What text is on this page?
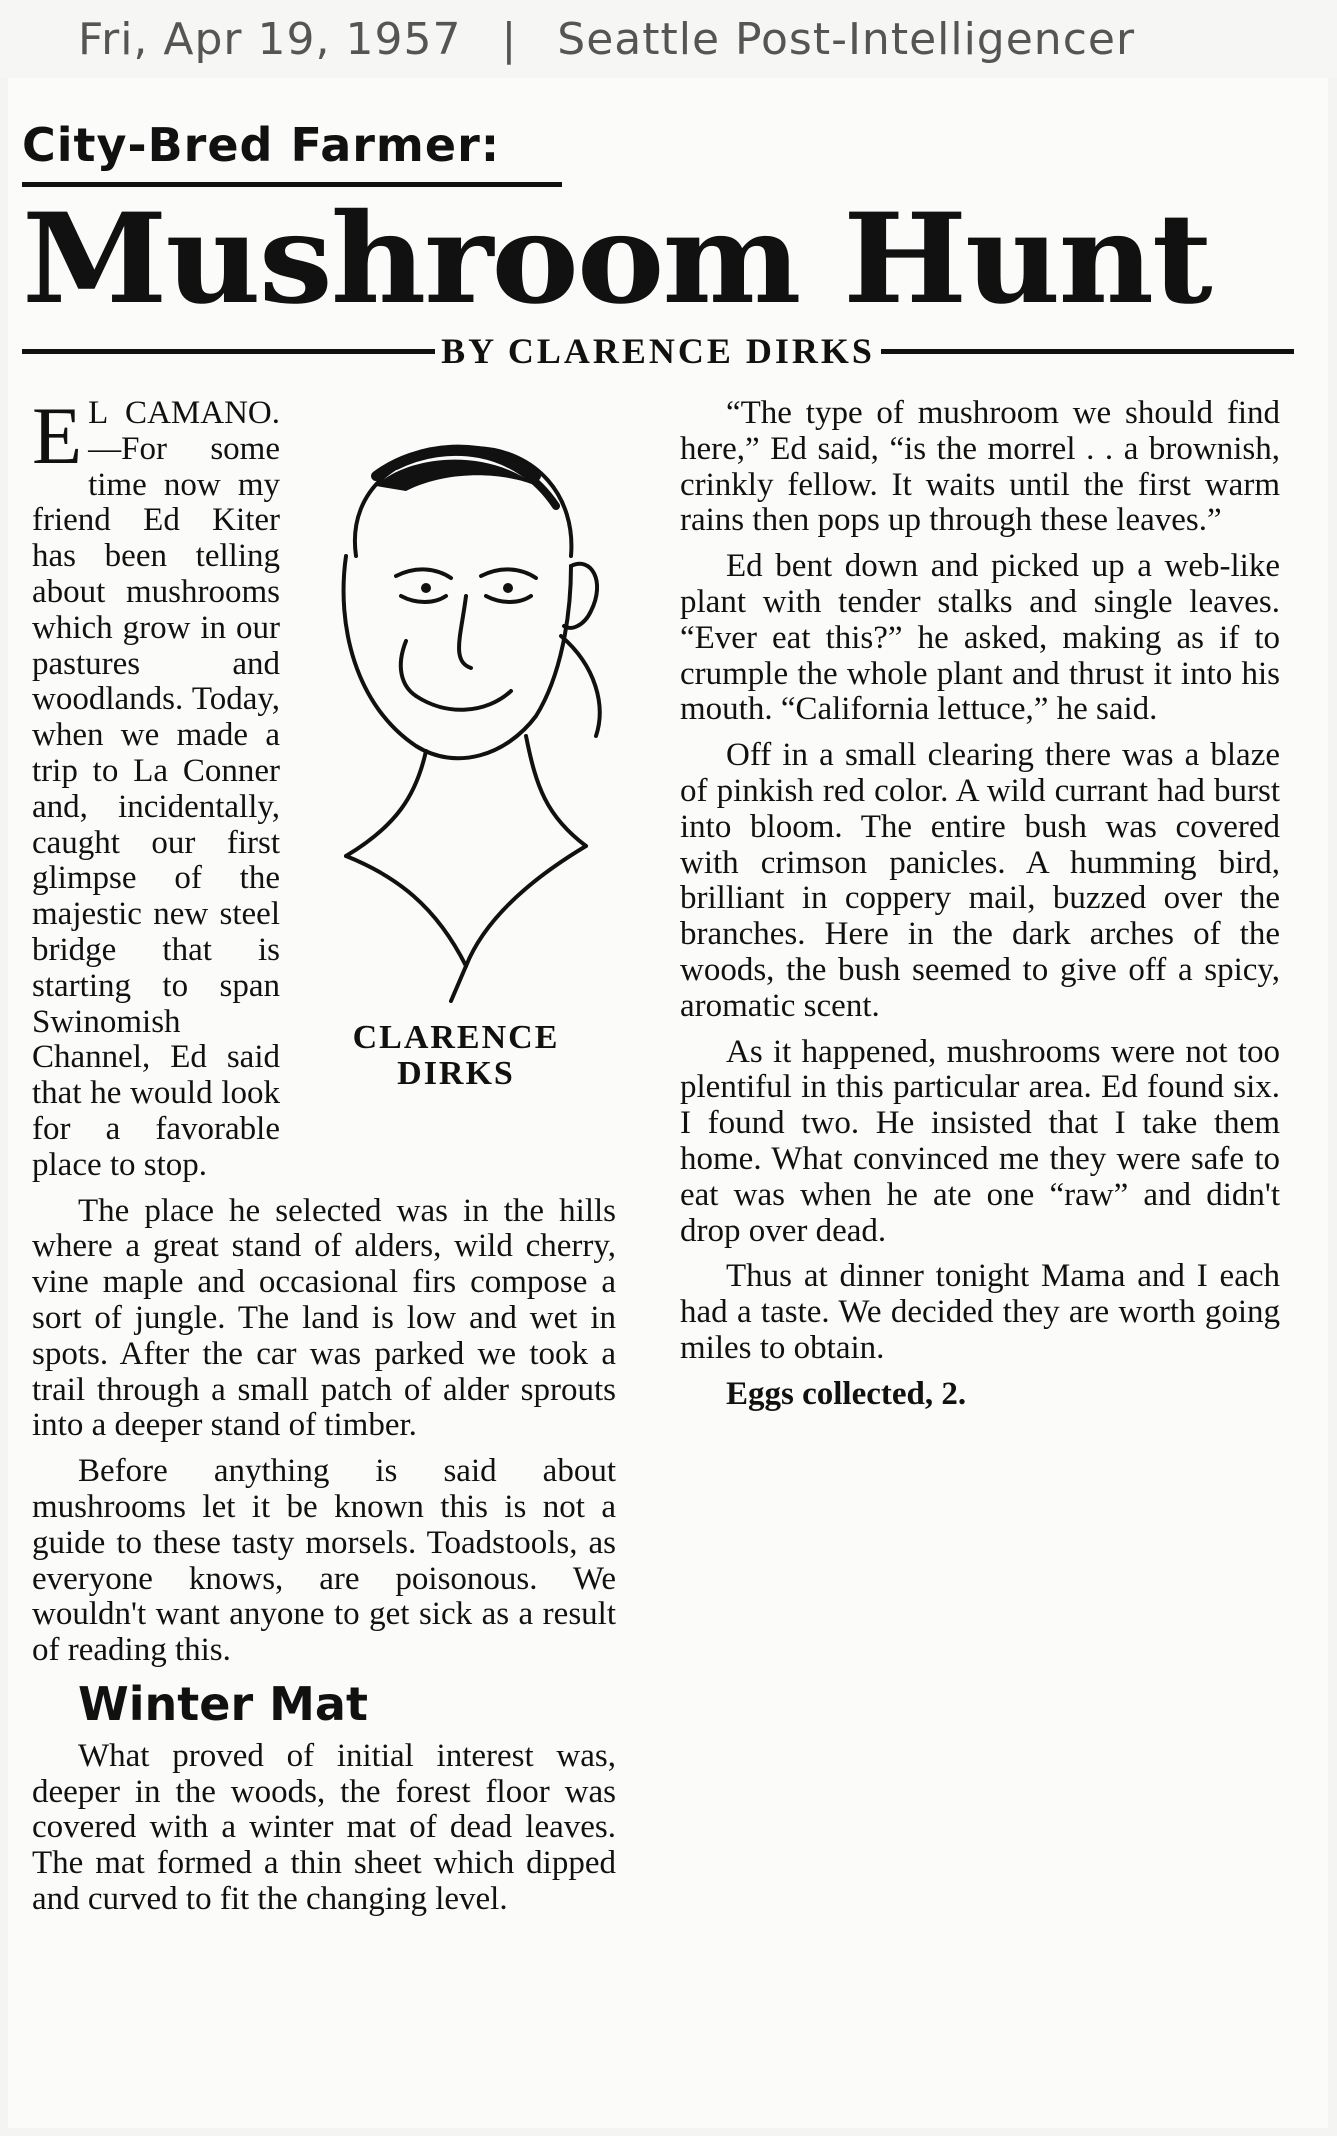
Fri, Apr 19, 1957 | Seattle Post-Intelligencer
City-Bred Farmer:
Mushroom Hunt
BY CLARENCE DIRKS
CLARENCE
DIRKS

E L CAMANO.—For some time now my friend Ed Kiter has been telling about mushrooms which grow in our pastures and woodlands. Today, when we made a trip to La Conner and, incidentally, caught our first glimpse of the majestic new steel bridge that is starting to span Swinomish Channel, Ed said that he would look for a favorable place to stop.

The place he selected was in the hills where a great stand of alders, wild cherry, vine maple and occasional firs compose a sort of jungle. The land is low and wet in spots. After the car was parked we took a trail through a small patch of alder sprouts into a deeper stand of timber.

Before anything is said about mushrooms let it be known this is not a guide to these tasty morsels. Toadstools, as everyone knows, are poisonous. We wouldn't want anyone to get sick as a result of reading this.

Winter Mat

What proved of initial interest was, deeper in the woods, the forest floor was covered with a winter mat of dead leaves. The mat formed a thin sheet which dipped and curved to fit the changing level.

“The type of mushroom we should find here,” Ed said, “is the morrel . . a brownish, crinkly fellow. It waits until the first warm rains then pops up through these leaves.”

Ed bent down and picked up a web-like plant with tender stalks and single leaves. “Ever eat this?” he asked, making as if to crumple the whole plant and thrust it into his mouth. “California lettuce,” he said.

Off in a small clearing there was a blaze of pinkish red color. A wild currant had burst into bloom. The entire bush was covered with crimson panicles. A humming bird, brilliant in coppery mail, buzzed over the branches. Here in the dark arches of the woods, the bush seemed to give off a spicy, aromatic scent.

As it happened, mushrooms were not too plentiful in this particular area. Ed found six. I found two. He insisted that I take them home. What convinced me they were safe to eat was when he ate one “raw” and didn't drop over dead.

Thus at dinner tonight Mama and I each had a taste. We decided they are worth going miles to obtain.

Eggs collected, 2.
